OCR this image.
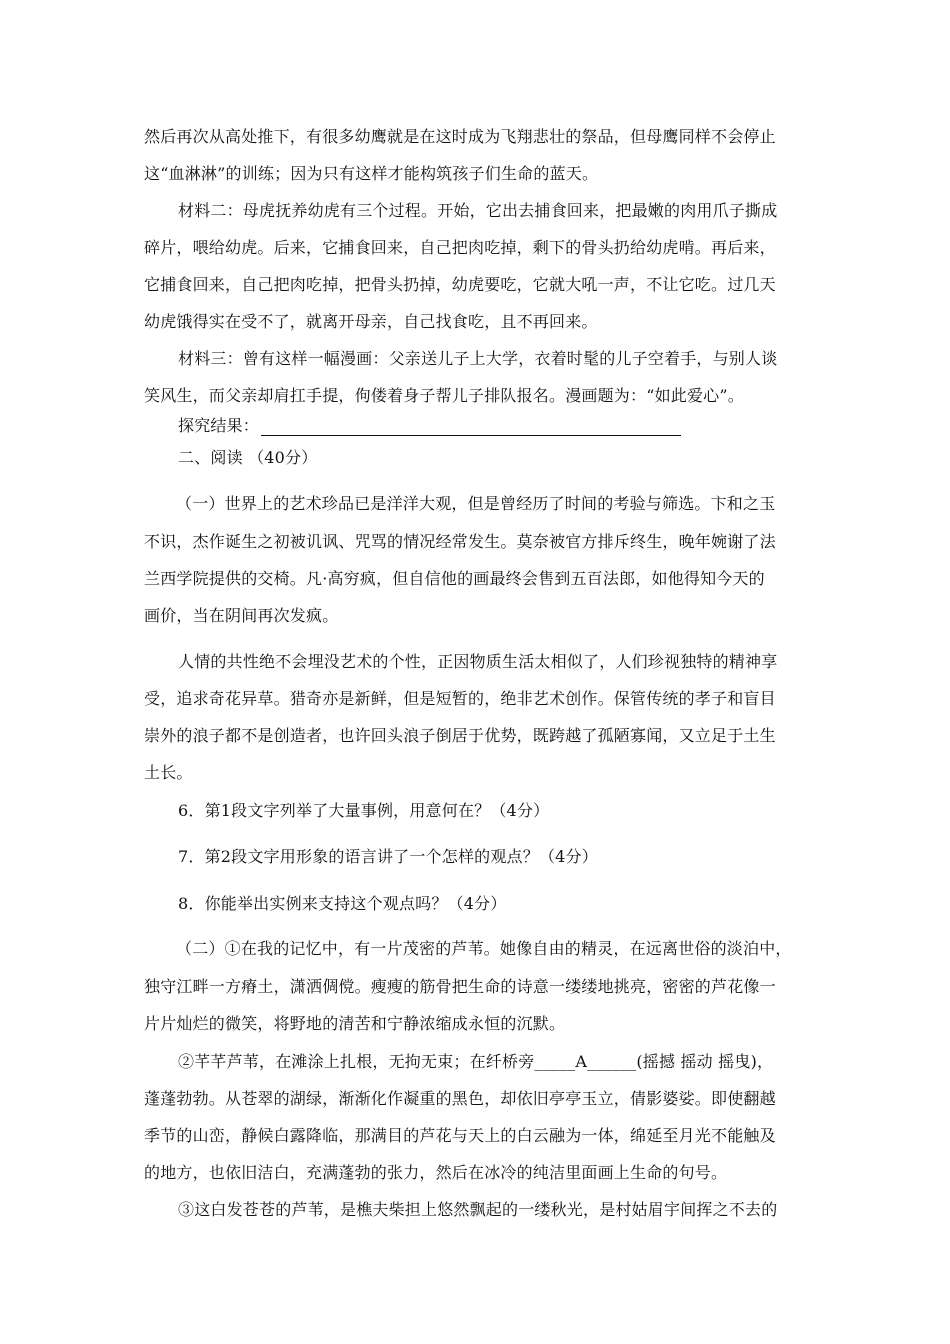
然后再次从高处推下，有很多幼鹰就是在这时成为飞翔悲壮的祭品，但母鹰同样不会停止
这“血淋淋”的训练；因为只有这样才能构筑孩子们生命的蓝天。
材料二：母虎抚养幼虎有三个过程。开始，它出去捕食回来，把最嫩的肉用爪子撕成
碎片，喂给幼虎。后来，它捕食回来，自己把肉吃掉，剩下的骨头扔给幼虎啃。再后来，
它捕食回来，自己把肉吃掉，把骨头扔掉，幼虎要吃，它就大吼一声，不让它吃。过几天
幼虎饿得实在受不了，就离开母亲，自己找食吃，且不再回来。
材料三：曾有这样一幅漫画：父亲送儿子上大学，衣着时髦的儿子空着手，与别人谈
笑风生，而父亲却肩扛手提，佝偻着身子帮儿子排队报名。漫画题为：“如此爱心”。
探究结果：
二、阅读 （40分）
（一）世界上的艺术珍品已是洋洋大观，但是曾经历了时间的考验与筛选。卞和之玉
不识，杰作诞生之初被讥讽、咒骂的情况经常发生。莫奈被官方排斥终生，晚年婉谢了法
兰西学院提供的交椅。凡·高穷疯，但自信他的画最终会售到五百法郎，如他得知今天的
画价，当在阴间再次发疯。
人情的共性绝不会埋没艺术的个性，正因物质生活太相似了，人们珍视独特的精神享
受，追求奇花异草。猎奇亦是新鲜，但是短暂的，绝非艺术创作。保管传统的孝子和盲目
崇外的浪子都不是创造者，也许回头浪子倒居于优势，既跨越了孤陋寡闻，又立足于土生
土长。
6．第1段文字列举了大量事例，用意何在？（4分）
7．第2段文字用形象的语言讲了一个怎样的观点？（4分）
8．你能举出实例来支持这个观点吗？（4分）
（二）①在我的记忆中，有一片茂密的芦苇。她像自由的精灵，在远离世俗的淡泊中，
独守江畔一方瘠土，潇洒倜傥。瘦瘦的筋骨把生命的诗意一缕缕地挑亮，密密的芦花像一
片片灿烂的微笑，将野地的清苦和宁静浓缩成永恒的沉默。
②芊芊芦苇，在滩涂上扎根，无拘无束；在纤桥旁_____A______(摇撼 摇动 摇曳)，
蓬蓬勃勃。从苍翠的湖绿，渐渐化作凝重的黑色，却依旧亭亭玉立，倩影婆娑。即使翻越
季节的山峦，静候白露降临，那满目的芦花与天上的白云融为一体，绵延至月光不能触及
的地方，也依旧洁白，充满蓬勃的张力，然后在冰冷的纯洁里面画上生命的句号。
③这白发苍苍的芦苇，是樵夫柴担上悠然飘起的一缕秋光，是村姑眉宇间挥之不去的
